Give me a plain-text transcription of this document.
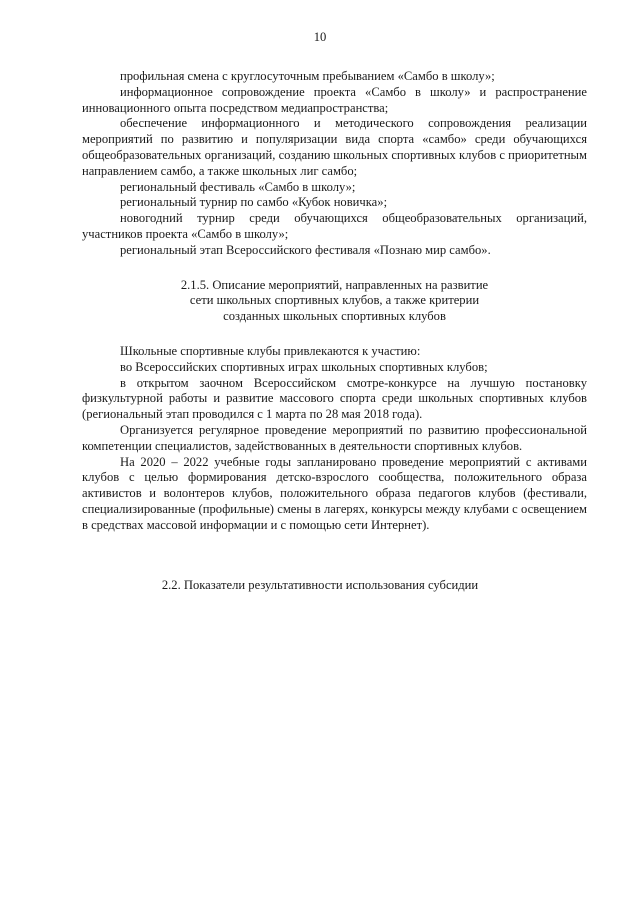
10

профильная смена с круглосуточным пребыванием «Самбо в школу»;

информационное сопровождение проекта «Самбо в школу» и распространение инновационного опыта посредством медиапространства;

обеспечение информационного и методического сопровождения реализации мероприятий по развитию и популяризации вида спорта «самбо» среди обучающихся общеобразовательных организаций, созданию школьных спортивных клубов с приоритетным направлением самбо, а также школьных лиг самбо;

региональный фестиваль «Самбо в школу»;

региональный турнир по самбо «Кубок новичка»;

новогодний турнир среди обучающихся общеобразовательных организаций, участников проекта «Самбо в школу»;

региональный этап Всероссийского фестиваля «Познаю мир самбо».

2.1.5. Описание мероприятий, направленных на развитие
сети школьных спортивных клубов, а также критерии
созданных школьных спортивных клубов

Школьные спортивные клубы привлекаются к участию:

во Всероссийских спортивных играх школьных спортивных клубов;

в открытом заочном Всероссийском смотре-конкурсе на лучшую постановку физкультурной работы и развитие массового спорта среди школьных спортивных клубов (региональный этап проводился с 1 марта по 28 мая 2018 года).

Организуется регулярное проведение мероприятий по развитию профессиональной компетенции специалистов, задействованных в деятельности спортивных клубов.

На 2020 – 2022 учебные годы запланировано проведение мероприятий с активами клубов с целью формирования детско-взрослого сообщества, положительного образа активистов и волонтеров клубов, положительного образа педагогов клубов (фестивали, специализированные (профильные) смены в лагерях, конкурсы между клубами с освещением в средствах массовой информации и с помощью сети Интернет).

2.2. Показатели результативности использования субсидии
